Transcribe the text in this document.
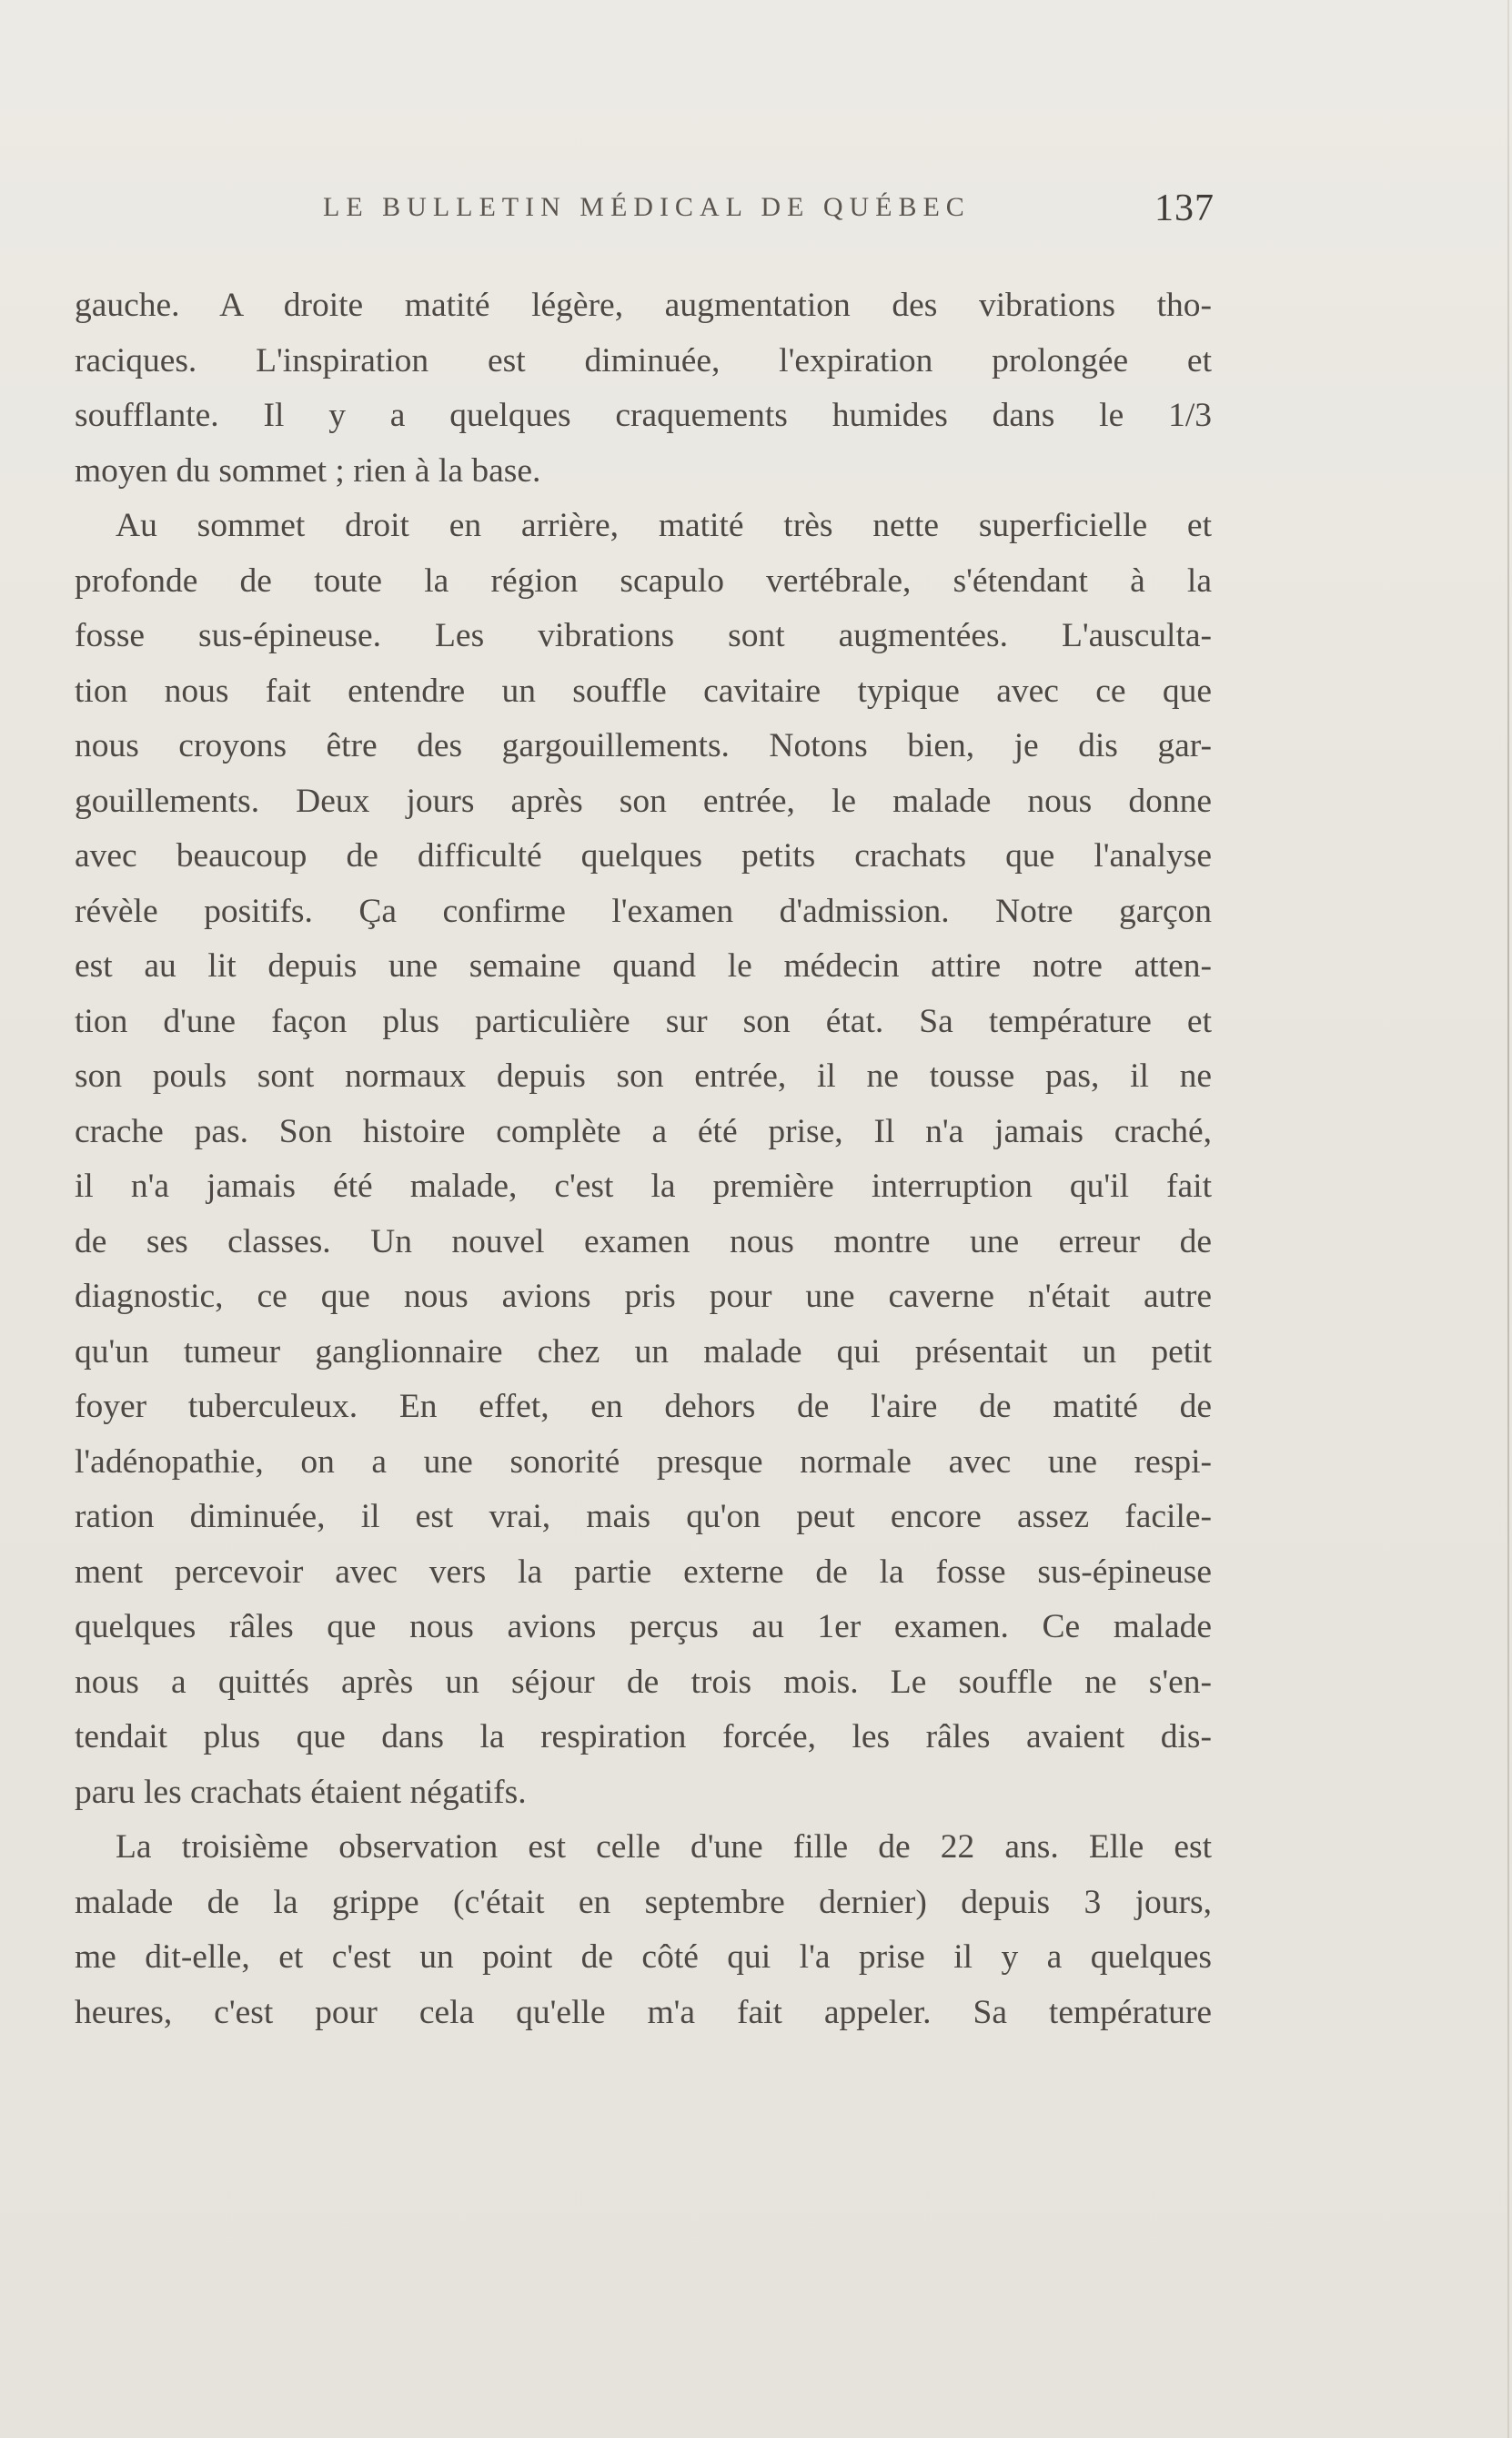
LE BULLETIN MÉDICAL DE QUÉBEC	137
gauche. A droite matité légère, augmentation des vibrations tho-
raciques. L'inspiration est diminuée, l'expiration prolongée et
soufflante. Il y a quelques craquements humides dans le 1/3
moyen du sommet ; rien à la base.
Au sommet droit en arrière, matité très nette superficielle et
profonde de toute la région scapulo vertébrale, s'étendant à la
fosse sus-épineuse. Les vibrations sont augmentées. L'ausculta-
tion nous fait entendre un souffle cavitaire typique avec ce que
nous croyons être des gargouillements. Notons bien, je dis gar-
gouillements. Deux jours après son entrée, le malade nous donne
avec beaucoup de difficulté quelques petits crachats que l'analyse
révèle positifs. Ça confirme l'examen d'admission. Notre garçon
est au lit depuis une semaine quand le médecin attire notre atten-
tion d'une façon plus particulière sur son état. Sa température et
son pouls sont normaux depuis son entrée, il ne tousse pas, il ne
crache pas. Son histoire complète a été prise, Il n'a jamais craché,
il n'a jamais été malade, c'est la première interruption qu'il fait
de ses classes. Un nouvel examen nous montre une erreur de
diagnostic, ce que nous avions pris pour une caverne n'était autre
qu'un tumeur ganglionnaire chez un malade qui présentait un petit
foyer tuberculeux. En effet, en dehors de l'aire de matité de
l'adénopathie, on a une sonorité presque normale avec une respi-
ration diminuée, il est vrai, mais qu'on peut encore assez facile-
ment percevoir avec vers la partie externe de la fosse sus-épineuse
quelques râles que nous avions perçus au 1er examen. Ce malade
nous a quittés après un séjour de trois mois. Le souffle ne s'en-
tendait plus que dans la respiration forcée, les râles avaient dis-
paru les crachats étaient négatifs.
La troisième observation est celle d'une fille de 22 ans. Elle est
malade de la grippe (c'était en septembre dernier) depuis 3 jours,
me dit-elle, et c'est un point de côté qui l'a prise il y a quelques
heures, c'est pour cela qu'elle m'a fait appeler. Sa température
